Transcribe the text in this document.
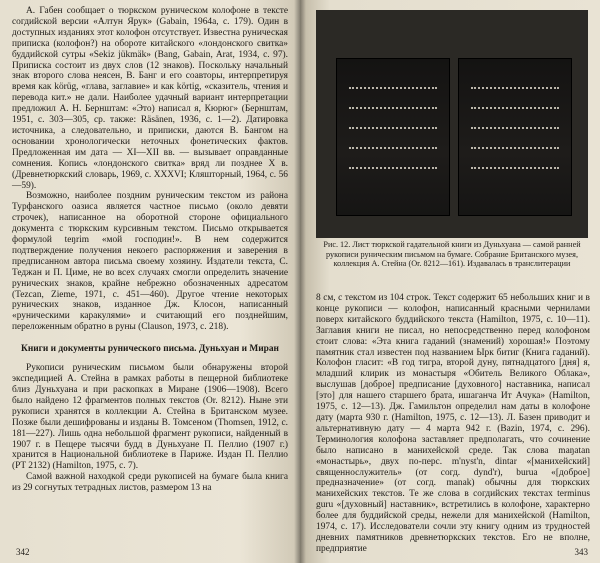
А. Габен сообщает о тюркском руническом колофоне в тексте согдийской версии «Алтун Ярук» (Gabain, 1964а, с. 179). Один в доступных изданиях этот колофон отсутствует. Известна руническая приписка (колофон?) на обороте китайского «лондонского свитка» буддийской сутры «Sekiz jükmäk» (Bang, Gabain, Arat, 1934, с. 97). Приписка состоит из двух слов (12 знаков). Поскольку начальный знак второго слова неясен, В. Банг и его соавторы, интерпретируя время как körüg, «глава, заглавие» и как körtig, «сказитель, чтения и перевода кит.» не дали. Наиболее удачный вариант интерпретации предложил А. Н. Бернштам: «Это) написал я, Кюрюг» (Бернштам, 1951, с. 303—305, ср. также: Räsänen, 1936, с. 1—2). Датировка источника, а следовательно, и приписки, даются В. Бангом на основании хронологически неточных фонетических фактов. Предложенная им дата — XI—XII вв. — вызывает оправданные сомнения. Копись «лондонского свитка» вряд ли позднее Х в. (Древнетюркский словарь, 1969, с. XXXVI; Кляшторный, 1964, с. 56—59).

Возможно, наиболее поздним руническим текстом из района Турфанского оазиса является частное письмо (около девяти строчек), написанное на оборотной стороне официального документа с тюркским курсивным текстом. Письмо открывается формулой teŋrim «мой господин!». В нем содержится подтверждение получения некоего распоряжения и заверения в предписанном автора письма своему хозяину. Издатели текста, С. Теджан и П. Циме, не во всех случаях смогли определить значение рунических знаков, крайне небрежно обозначенных адресатом (Tezcan, Zieme, 1971, с. 451—460). Другое чтение некоторых рунических знаков, изданное Дж. Клосон, написанный «руническими каракулями» и считающий его позднейшим, переложенным обратно в руны (Clauson, 1973, с. 218).

Книги и документы рунического письма. Дуньхуан и Миран

Рукописи руническим письмом были обнаружены второй экспедицией А. Стейна в рамках работы в пещерной библиотеке близ Дуньхуана и при раскопках в Миране (1906—1908). Всего было найдено 12 фрагментов полных текстов (Or. 8212). Ныне эти рукописи хранятся в коллекции А. Стейна в Британском музее. Позже были дешифрованы и изданы В. Томсеном (Thomsen, 1912, с. 181—227). Лишь одна небольшой фрагмент рукописи, найденный в 1907 г. в Пещере тысячи будд в Дуньхуане П. Пеллио (1907 г.) хранится в Национальной библиотеке в Париже. Издан П. Пеллио (PT 2132) (Hamilton, 1975, с. 7).

Самой важной находкой среди рукописей на бумаге была книга из 29 согнутых тетрадных листов, размером 13 на

342
Рис. 12. Лист тюркской гадательной книги из Дуньхуана — самой ранней рукописи руническим письмом на бумаге. Собрание Британского музея, коллекция А. Стейна (Or. 8212—161). Издавалась в транслитерации

8 см, с текстом из 104 строк. Текст содержит 65 небольших книг и в конце рукописи — колофон, написанный красными чернилами поверх китайского буддийского текста (Hamilton, 1975, с. 10—11). Заглавия книги не писал, но непосредственно перед колофоном стоит слова: «Эта книга гаданий (знамений) хорошая!» Поэтому памятник стал известен под названием Ырк битиг (Книга гаданий). Колофон гласит: «В год тигра, второй дуну, пятнадцатого [дня] я, младший клирик из монастыря «Обитель Великого Облака», выслушав [доброе] предписание [духовного] наставника, написал [это] для нашего старшего брата, ишаганча Ит Ачука» (Hamilton, 1975, с. 12—13). Дж. Гамильтон определил нам даты в колофоне дату (марта 930 г. (Hamilton, 1975, с. 12—13). Л. Базен приводит и альтернативную дату — 4 марта 942 г. (Bazin, 1974, с. 296). Терминология колофона заставляет предполагать, что сочинение было написано в манихейской среде. Так слова maŋatan «монастырь», двух по-перс. m'nyst'n, dintar «[манихейский] священнослужитель» (от согд. dynd'r), burua «[доброе] предназначение» (от согд. manak) обычны для тюркских манихейских текстов. Те же слова в согдийских текстах terminus guru «[духовный] наставник», встретились в колофоне, характерно более для буддийской среды, нежели для манихейской (Hamilton, 1974, с. 17). Исследователи сочли эту книгу одним из трудностей дневних памятников древнетюркских текстов. Его не вполне, предприятие	343
